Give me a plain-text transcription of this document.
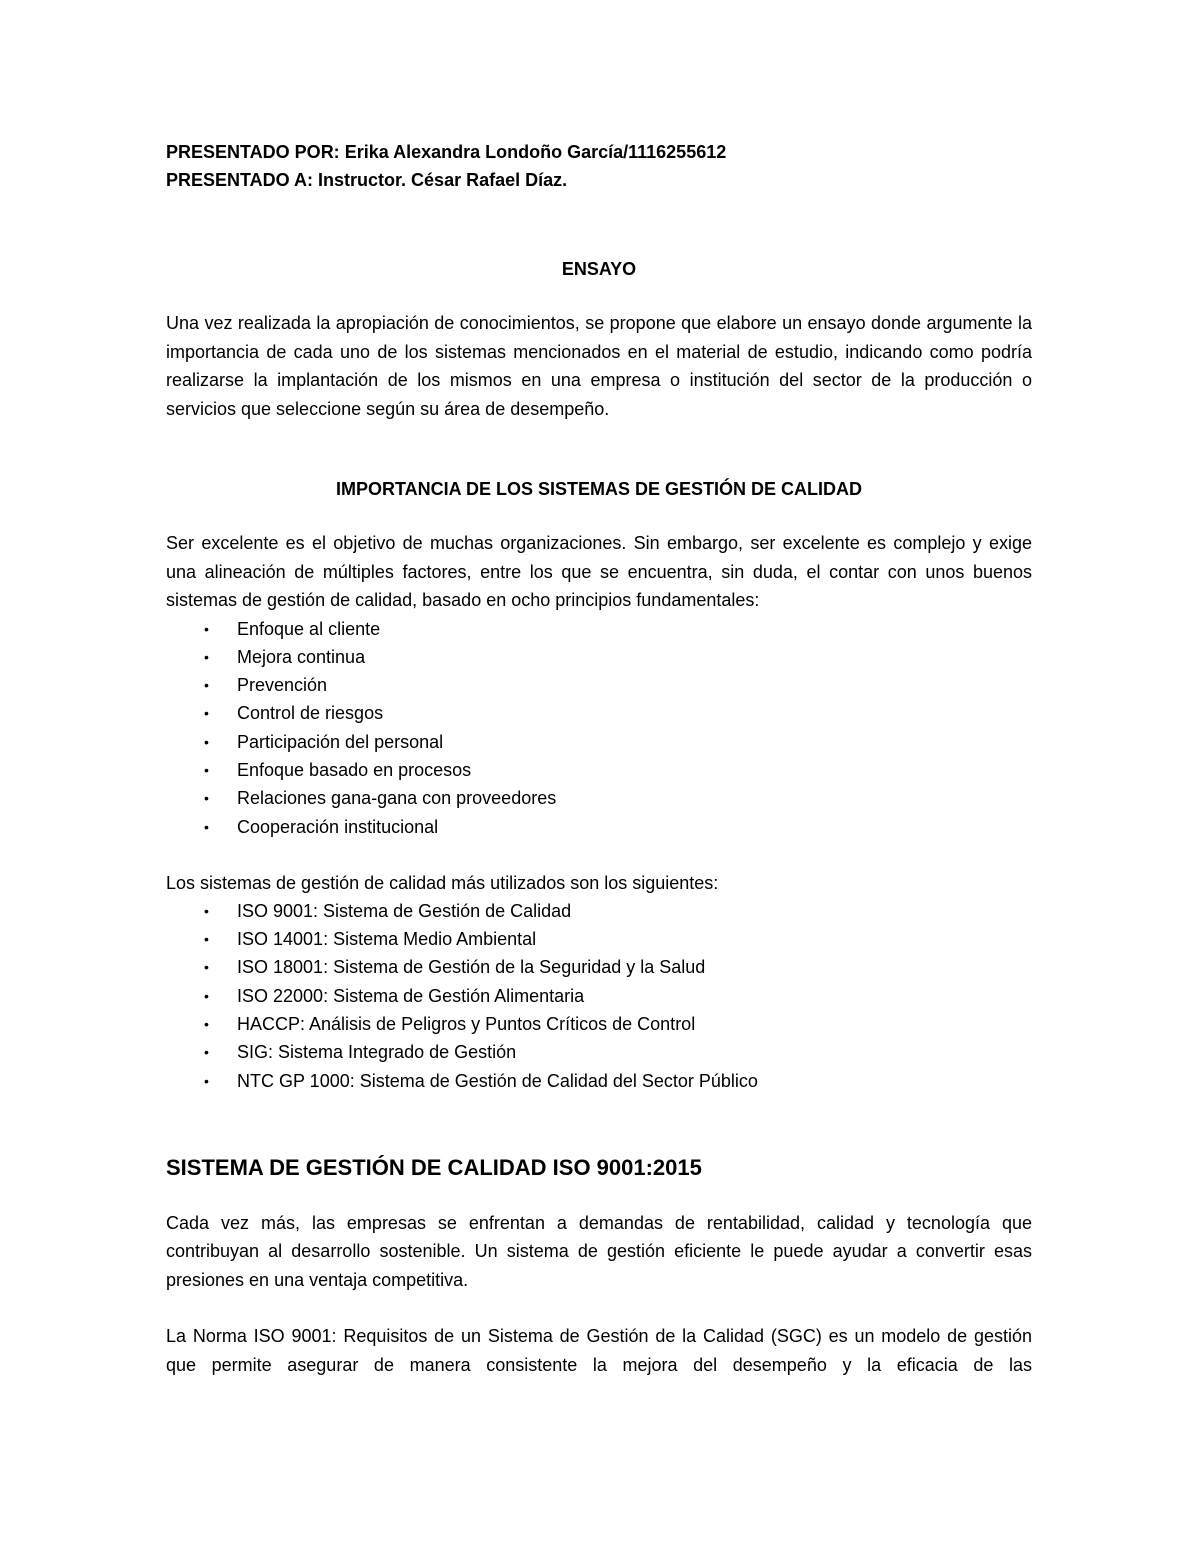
PRESENTADO POR: Erika Alexandra Londoño García/1116255612

PRESENTADO A: Instructor. César Rafael Díaz.

ENSAYO

Una vez realizada la apropiación de conocimientos, se propone que elabore un ensayo donde argumente la importancia de cada uno de los sistemas mencionados en el material de estudio, indicando como podría realizarse la implantación de los mismos en una empresa o institución del sector de la producción o servicios que seleccione según su área de desempeño.

IMPORTANCIA DE LOS SISTEMAS DE GESTIÓN DE CALIDAD

Ser excelente es el objetivo de muchas organizaciones. Sin embargo, ser excelente es complejo y exige una alineación de múltiples factores, entre los que se encuentra, sin duda, el contar con unos buenos sistemas de gestión de calidad, basado en ocho principios fundamentales:

•	Enfoque al cliente
•	Mejora continua
•	Prevención
•	Control de riesgos
•	Participación del personal
•	Enfoque basado en procesos
•	Relaciones gana-gana con proveedores
•	Cooperación institucional

Los sistemas de gestión de calidad más utilizados son los siguientes:

•	ISO 9001: Sistema de Gestión de Calidad
•	ISO 14001: Sistema Medio Ambiental
•	ISO 18001: Sistema de Gestión de la Seguridad y la Salud
•	ISO 22000: Sistema de Gestión Alimentaria
•	HACCP: Análisis de Peligros y Puntos Críticos de Control
•	SIG: Sistema Integrado de Gestión
•	NTC GP 1000: Sistema de Gestión de Calidad del Sector Público
SISTEMA DE GESTIÓN DE CALIDAD ISO 9001:2015

Cada vez más, las empresas se enfrentan a demandas de rentabilidad, calidad y tecnología que contribuyan al desarrollo sostenible. Un sistema de gestión eficiente le puede ayudar a convertir esas presiones en una ventaja competitiva.

La Norma ISO 9001: Requisitos de un Sistema de Gestión de la Calidad (SGC) es un modelo de gestión que permite asegurar de manera consistente la mejora del desempeño y la eficacia de las
